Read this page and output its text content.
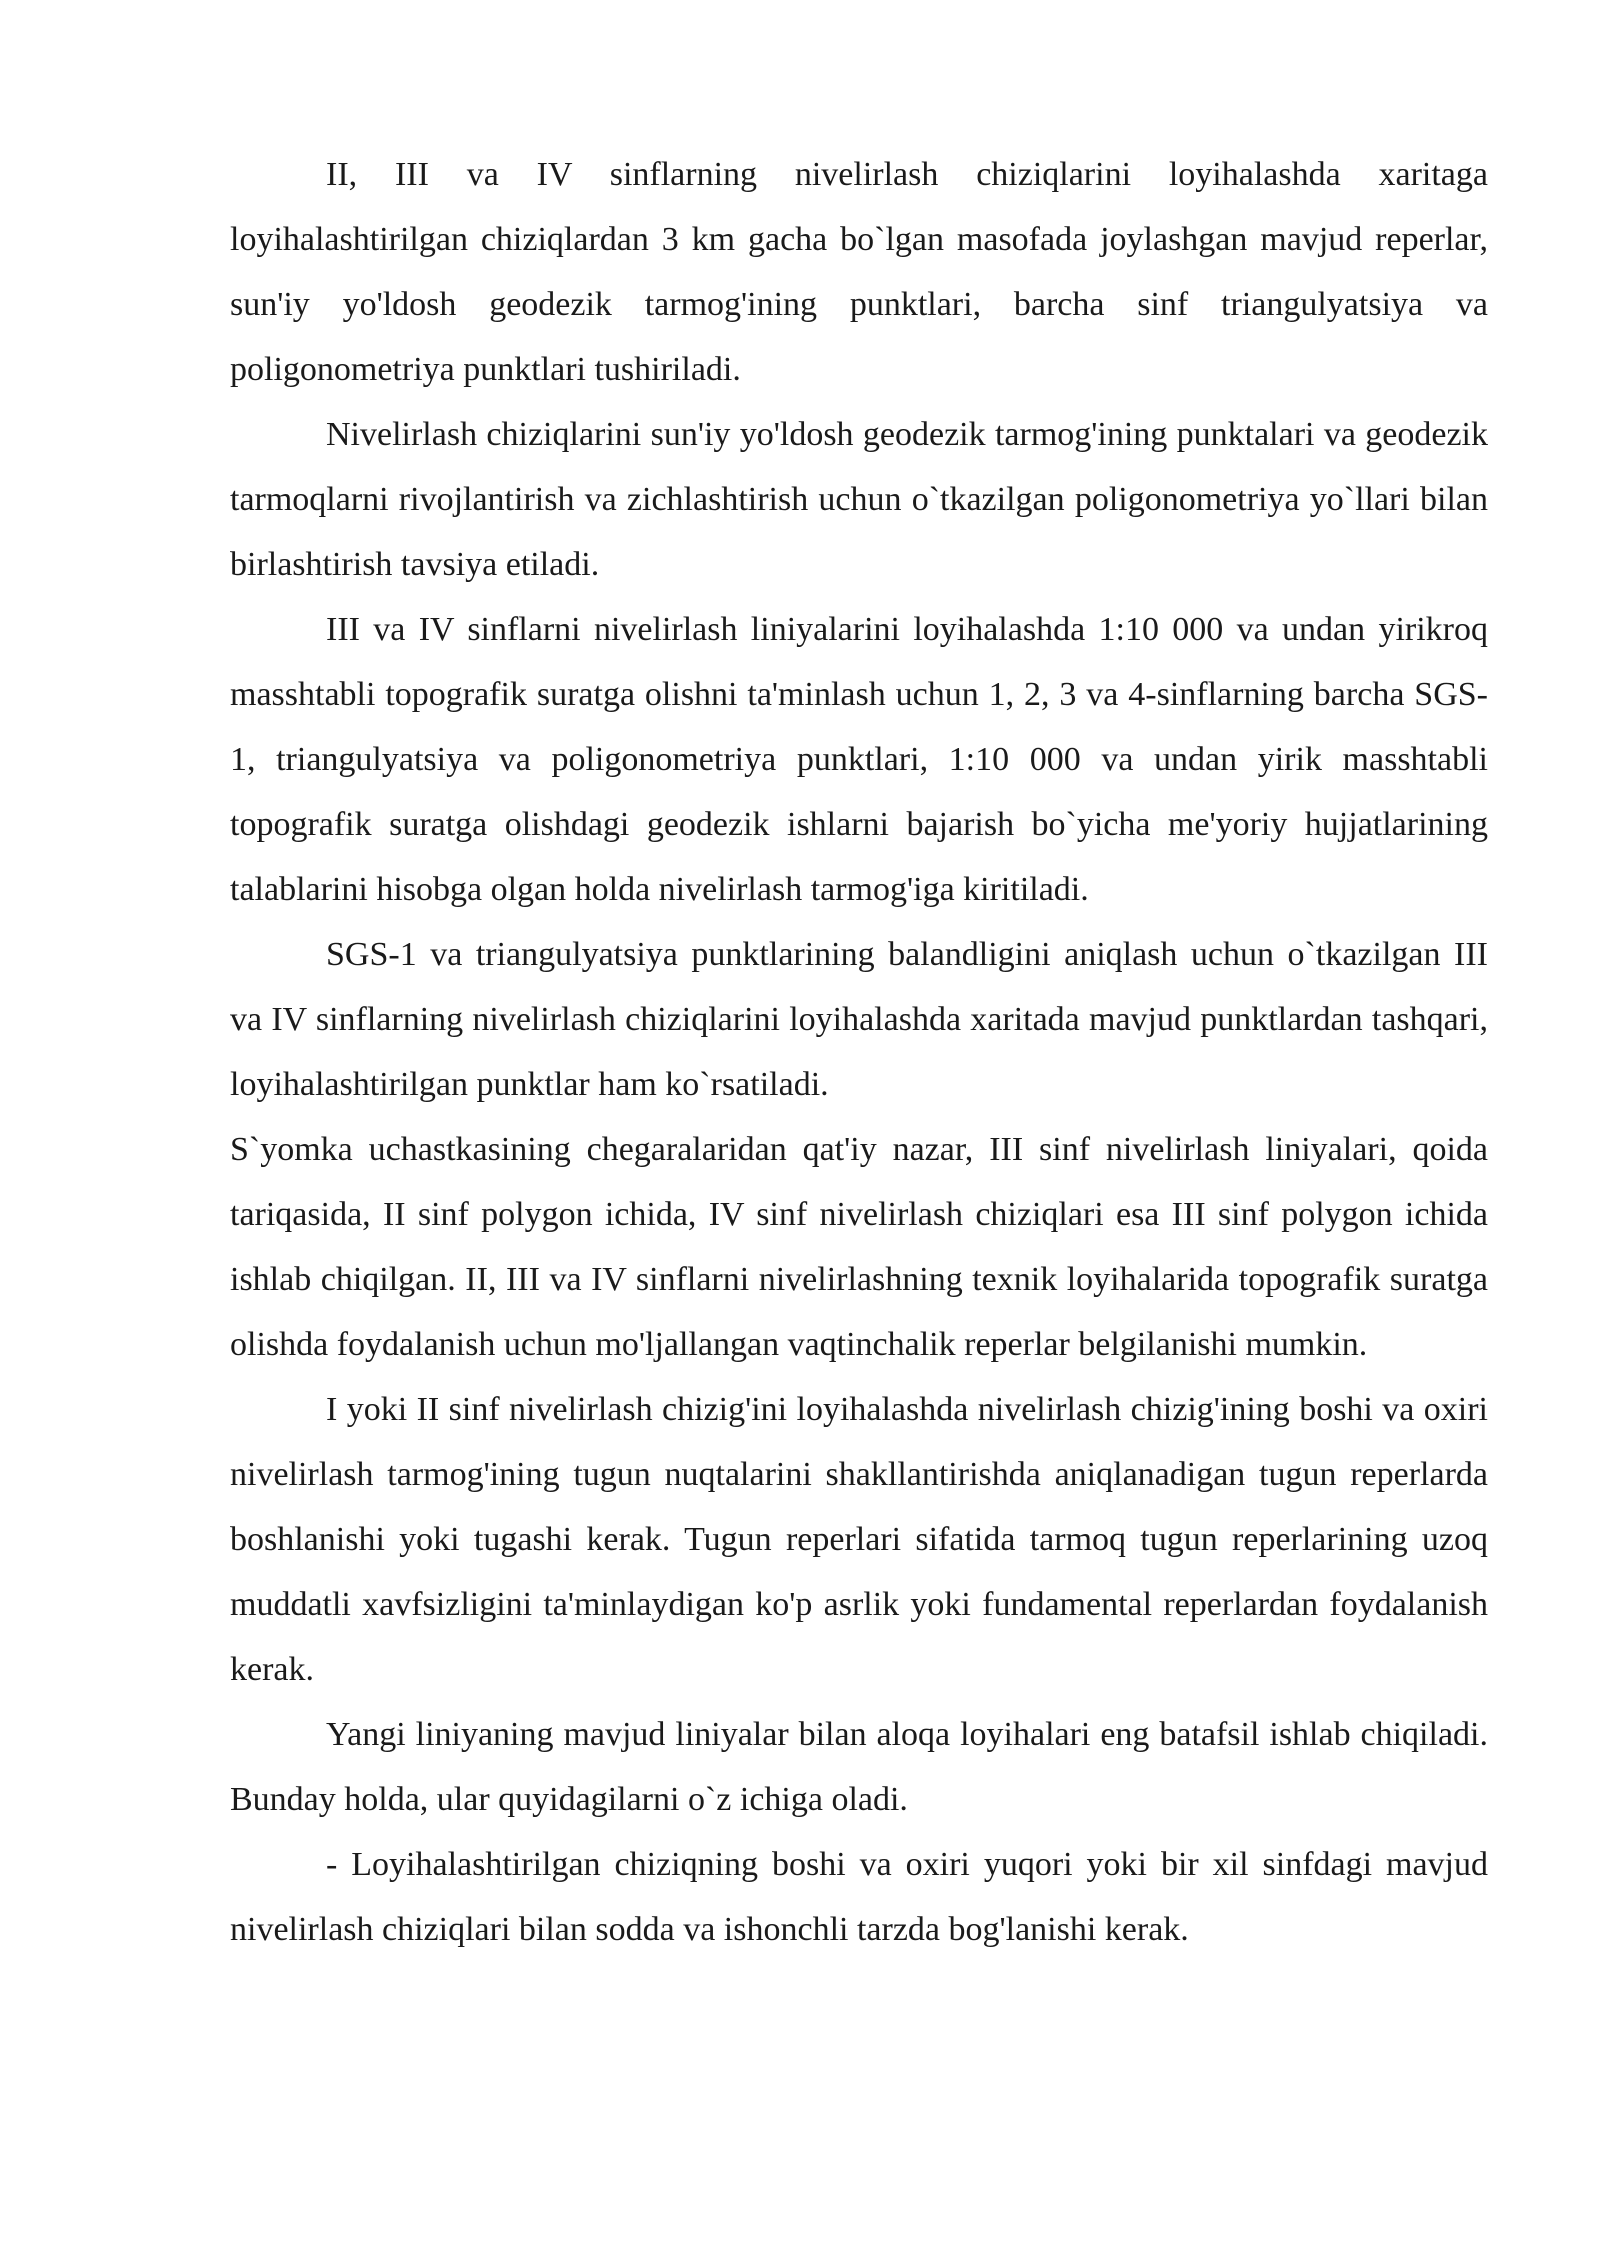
II, III va IV sinflarning nivelirlash chiziqlarini loyihalashda xaritaga loyihalashtirilgan chiziqlardan 3 km gacha bo`lgan masofada joylashgan mavjud reperlar, sun'iy yo'ldosh geodezik tarmog'ining punktlari, barcha sinf triangulyatsiya va poligonometriya punktlari tushiriladi.

Nivelirlash chiziqlarini sun'iy yo'ldosh geodezik tarmog'ining punktalari va geodezik tarmoqlarni rivojlantirish va zichlashtirish uchun o`tkazilgan poligonometriya yo`llari bilan birlashtirish tavsiya etiladi.

III va IV sinflarni nivelirlash liniyalarini loyihalashda 1:10 000 va undan yirikroq masshtabli topografik suratga olishni ta'minlash uchun 1, 2, 3 va 4-sinflarning barcha SGS-1, triangulyatsiya va poligonometriya punktlari, 1:10 000 va undan yirik masshtabli topografik suratga olishdagi geodezik ishlarni bajarish bo`yicha me'yoriy hujjatlarining talablarini hisobga olgan holda nivelirlash tarmog'iga kiritiladi.

SGS-1 va triangulyatsiya punktlarining balandligini aniqlash uchun o`tkazilgan III va IV sinflarning nivelirlash chiziqlarini loyihalashda xaritada mavjud punktlardan tashqari, loyihalashtirilgan punktlar ham ko`rsatiladi.

S`yomka uchastkasining chegaralaridan qat'iy nazar, III sinf nivelirlash liniyalari, qoida tariqasida, II sinf polygon ichida, IV sinf nivelirlash chiziqlari esa III sinf polygon ichida ishlab chiqilgan. II, III va IV sinflarni nivelirlashning texnik loyihalarida topografik suratga olishda foydalanish uchun mo'ljallangan vaqtinchalik reperlar belgilanishi mumkin.

I yoki II sinf nivelirlash chizig'ini loyihalashda nivelirlash chizig'ining boshi va oxiri nivelirlash tarmog'ining tugun nuqtalarini shakllantirishda aniqlanadigan tugun reperlarda boshlanishi yoki tugashi kerak. Tugun reperlari sifatida tarmoq tugun reperlarining uzoq muddatli xavfsizligini ta'minlaydigan ko'p asrlik yoki fundamental reperlardan foydalanish kerak.

Yangi liniyaning mavjud liniyalar bilan aloqa loyihalari eng batafsil ishlab chiqiladi. Bunday holda, ular quyidagilarni o`z ichiga oladi.

- Loyihalashtirilgan chiziqning boshi va oxiri yuqori yoki bir xil sinfdagi mavjud nivelirlash chiziqlari bilan sodda va ishonchli tarzda bog'lanishi kerak.
